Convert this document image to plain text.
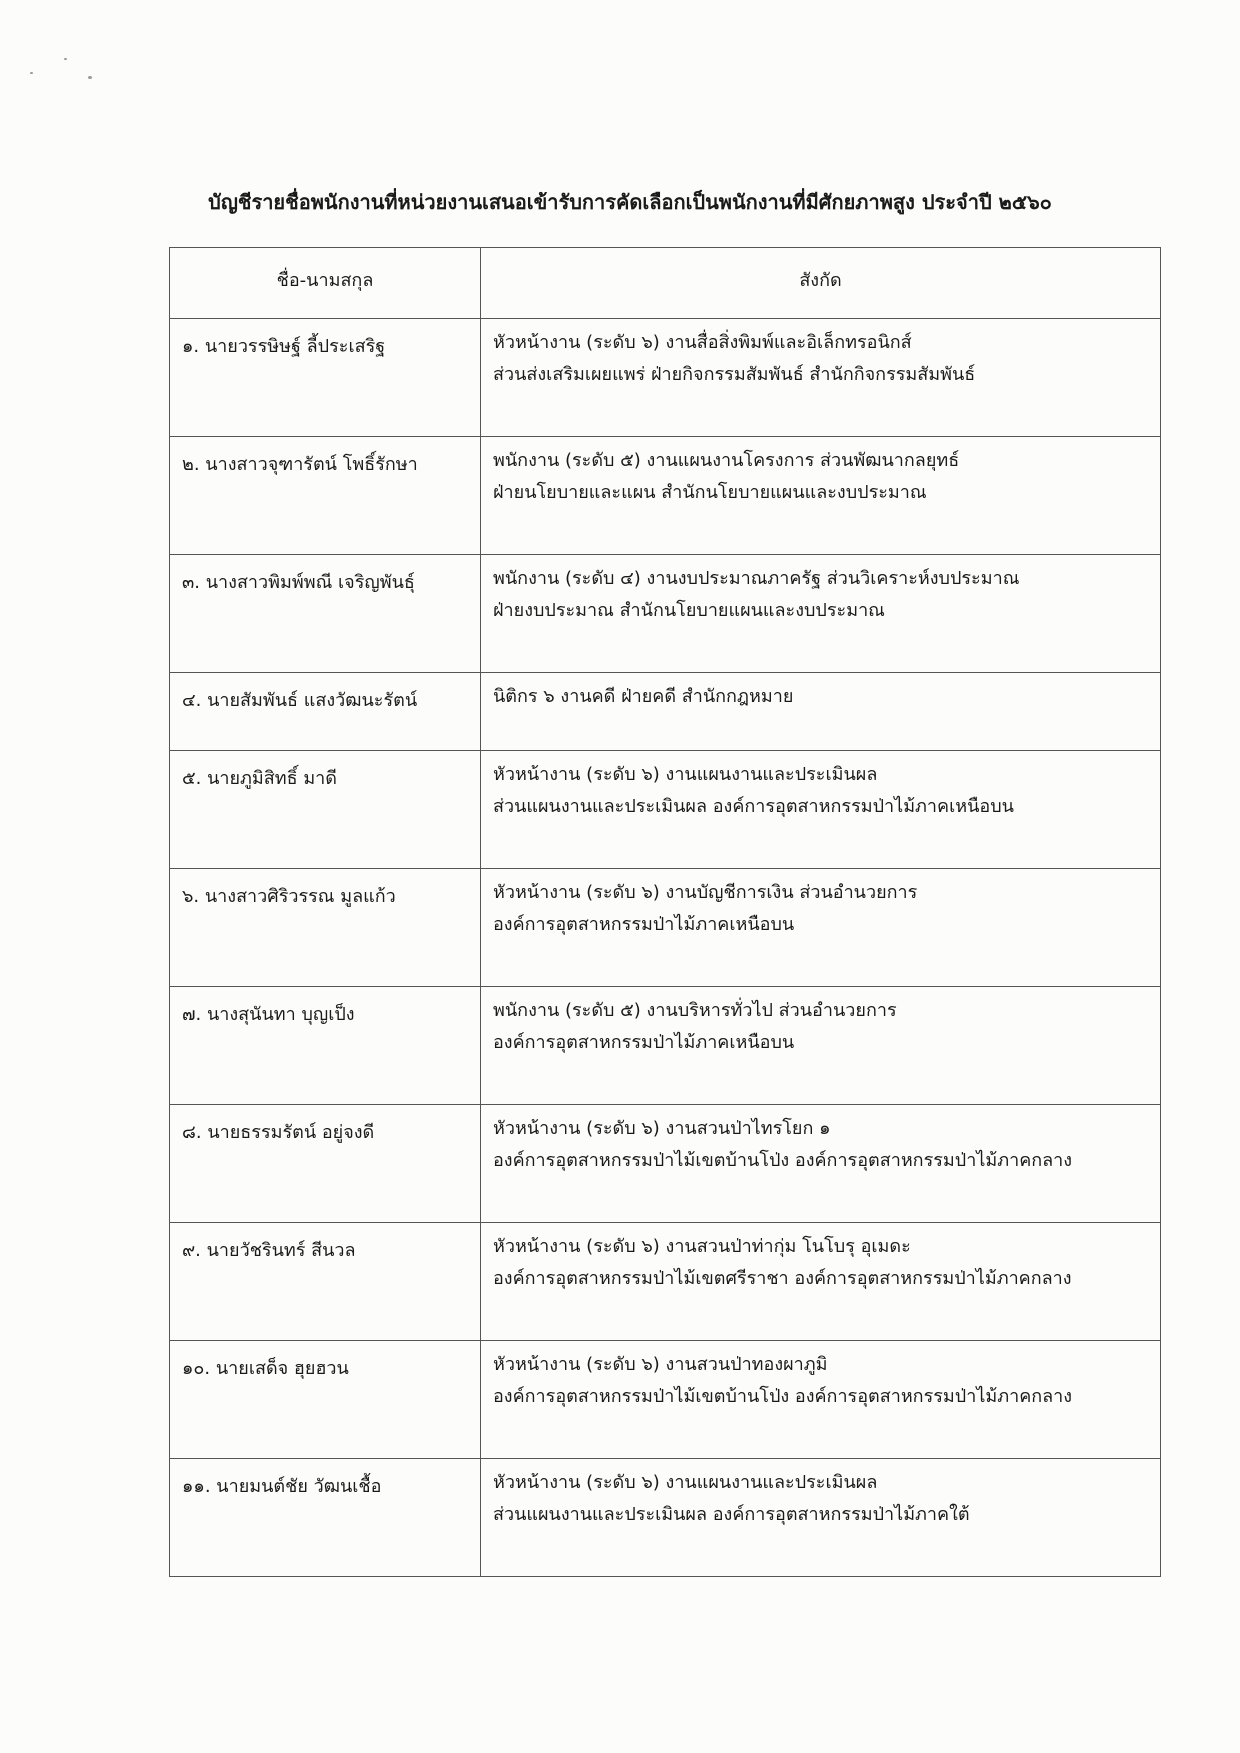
บัญชีรายชื่อพนักงานที่หน่วยงานเสนอเข้ารับการคัดเลือกเป็นพนักงานที่มีศักยภาพสูง ประจำปี ๒๕๖๐
ชื่อ-นามสกุล	สังกัด
๑. นายวรรษิษฐ์ ลี้ประเสริฐ	หัวหน้างาน (ระดับ ๖) งานสื่อสิ่งพิมพ์และอิเล็กทรอนิกส์
ส่วนส่งเสริมเผยแพร่ ฝ่ายกิจกรรมสัมพันธ์ สำนักกิจกรรมสัมพันธ์

๒. นางสาวจุฑารัตน์ โพธิ์รักษา	พนักงาน (ระดับ ๕) งานแผนงานโครงการ ส่วนพัฒนากลยุทธ์
ฝ่ายนโยบายและแผน สำนักนโยบายแผนและงบประมาณ

๓. นางสาวพิมพ์พณี เจริญพันธุ์	พนักงาน (ระดับ ๔) งานงบประมาณภาครัฐ ส่วนวิเคราะห์งบประมาณ
ฝ่ายงบประมาณ สำนักนโยบายแผนและงบประมาณ

๔. นายสัมพันธ์ แสงวัฒนะรัตน์	นิติกร ๖ งานคดี ฝ่ายคดี สำนักกฎหมาย

๕. นายภูมิสิทธิ์ มาดี	หัวหน้างาน (ระดับ ๖) งานแผนงานและประเมินผล
ส่วนแผนงานและประเมินผล องค์การอุตสาหกรรมป่าไม้ภาคเหนือบน

๖. นางสาวศิริวรรณ มูลแก้ว	หัวหน้างาน (ระดับ ๖) งานบัญชีการเงิน ส่วนอำนวยการ
องค์การอุตสาหกรรมป่าไม้ภาคเหนือบน

๗. นางสุนันทา บุญเป็ง	พนักงาน (ระดับ ๕) งานบริหารทั่วไป ส่วนอำนวยการ
องค์การอุตสาหกรรมป่าไม้ภาคเหนือบน

๘. นายธรรมรัตน์ อยู่จงดี	หัวหน้างาน (ระดับ ๖) งานสวนป่าไทรโยก ๑
องค์การอุตสาหกรรมป่าไม้เขตบ้านโป่ง องค์การอุตสาหกรรมป่าไม้ภาคกลาง

๙. นายวัชรินทร์ สีนวล	หัวหน้างาน (ระดับ ๖) งานสวนป่าท่ากุ่ม โนโบรุ อุเมดะ
องค์การอุตสาหกรรมป่าไม้เขตศรีราชา องค์การอุตสาหกรรมป่าไม้ภาคกลาง

๑๐. นายเสด็จ ฮุยฮวน	หัวหน้างาน (ระดับ ๖) งานสวนป่าทองผาภูมิ
องค์การอุตสาหกรรมป่าไม้เขตบ้านโป่ง องค์การอุตสาหกรรมป่าไม้ภาคกลาง

๑๑. นายมนต์ชัย วัฒนเชื้อ	หัวหน้างาน (ระดับ ๖) งานแผนงานและประเมินผล
ส่วนแผนงานและประเมินผล องค์การอุตสาหกรรมป่าไม้ภาคใต้
